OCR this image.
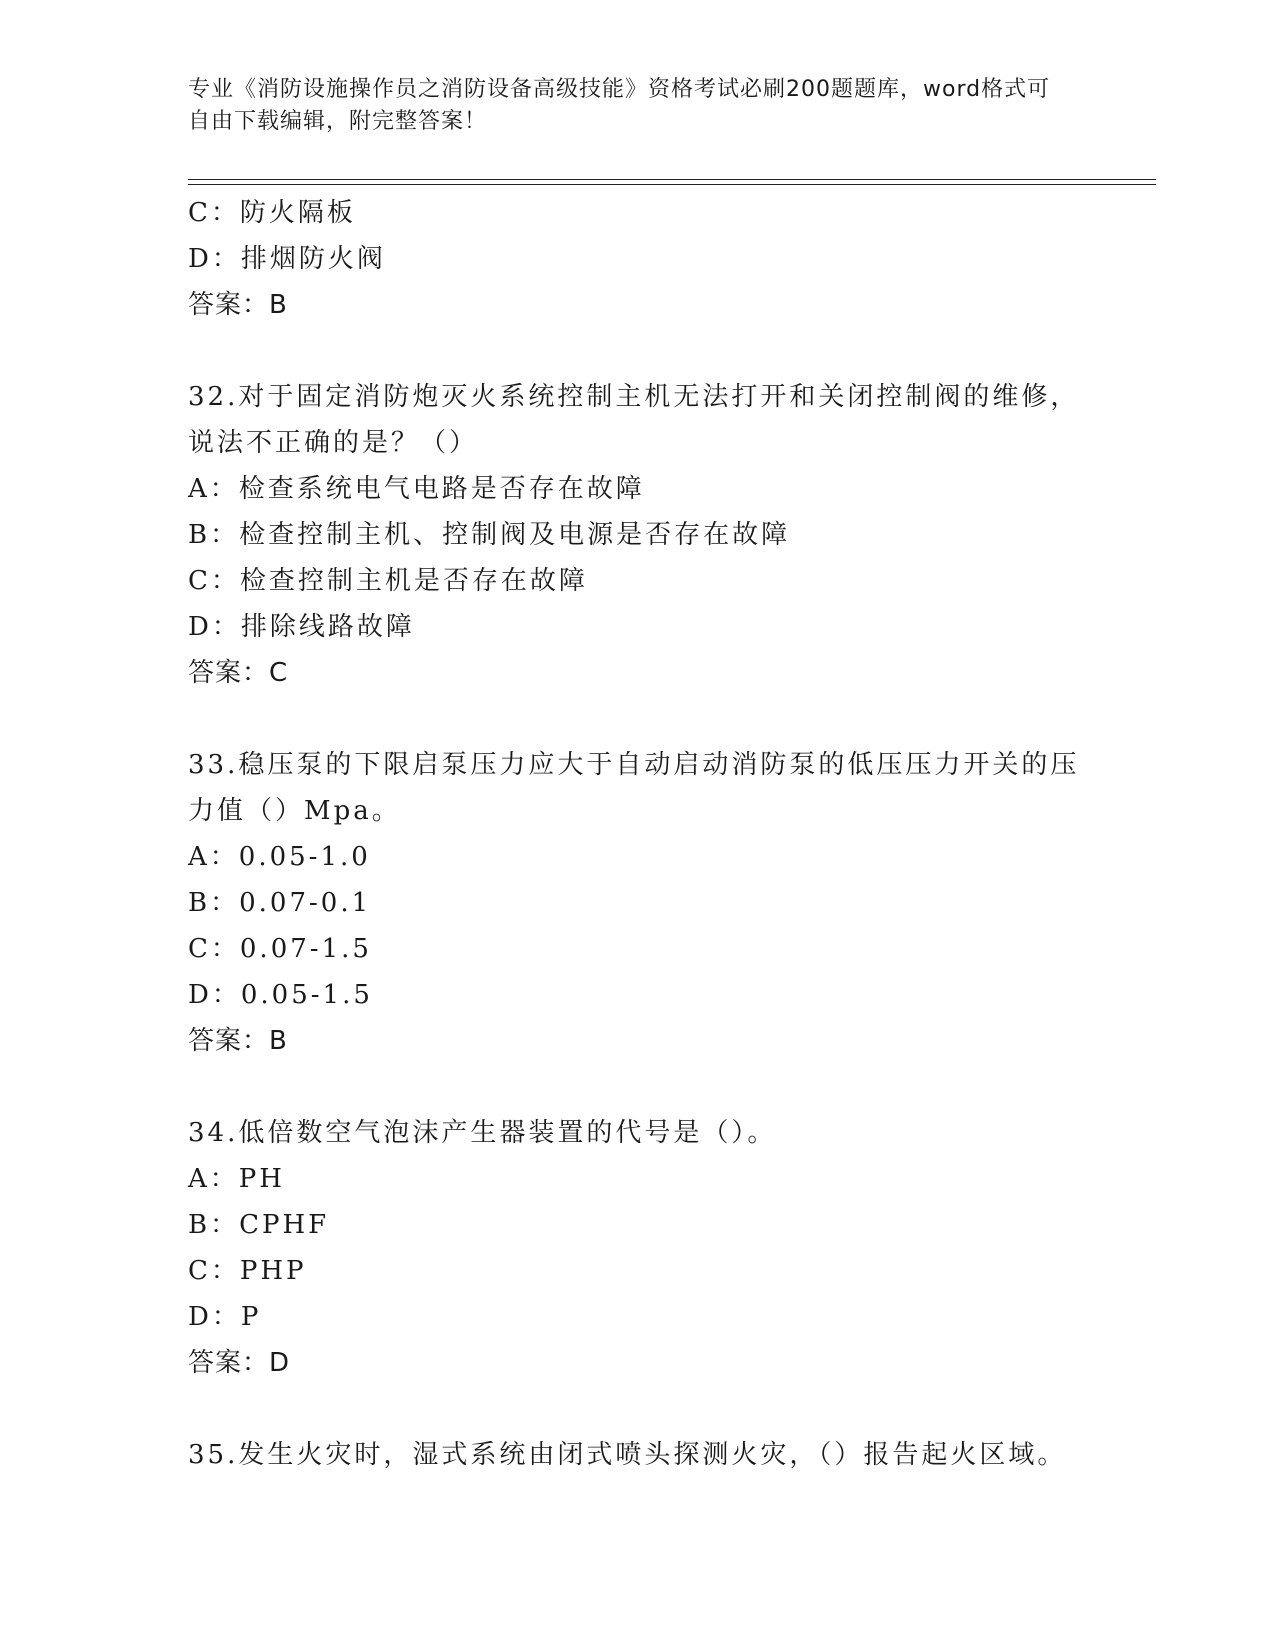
专业《消防设施操作员之消防设备高级技能》资格考试必刷200题题库，word格式可自由下载编辑，附完整答案！
C：防火隔板
D：排烟防火阀
答案：B
32.对于固定消防炮灭火系统控制主机无法打开和关闭控制阀的维修，说法不正确的是？（）
A：检查系统电气电路是否存在故障
B：检查控制主机、控制阀及电源是否存在故障
C：检查控制主机是否存在故障
D：排除线路故障
答案：C
33.稳压泵的下限启泵压力应大于自动启动消防泵的低压压力开关的压力值（）Mpa。
A：0.05-1.0
B：0.07-0.1
C：0.07-1.5
D：0.05-1.5
答案：B
34.低倍数空气泡沫产生器装置的代号是（）。
A：PH
B：CPHF
C：PHP
D：P
答案：D
35.发生火灾时，湿式系统由闭式喷头探测火灾，（）报告起火区域。
